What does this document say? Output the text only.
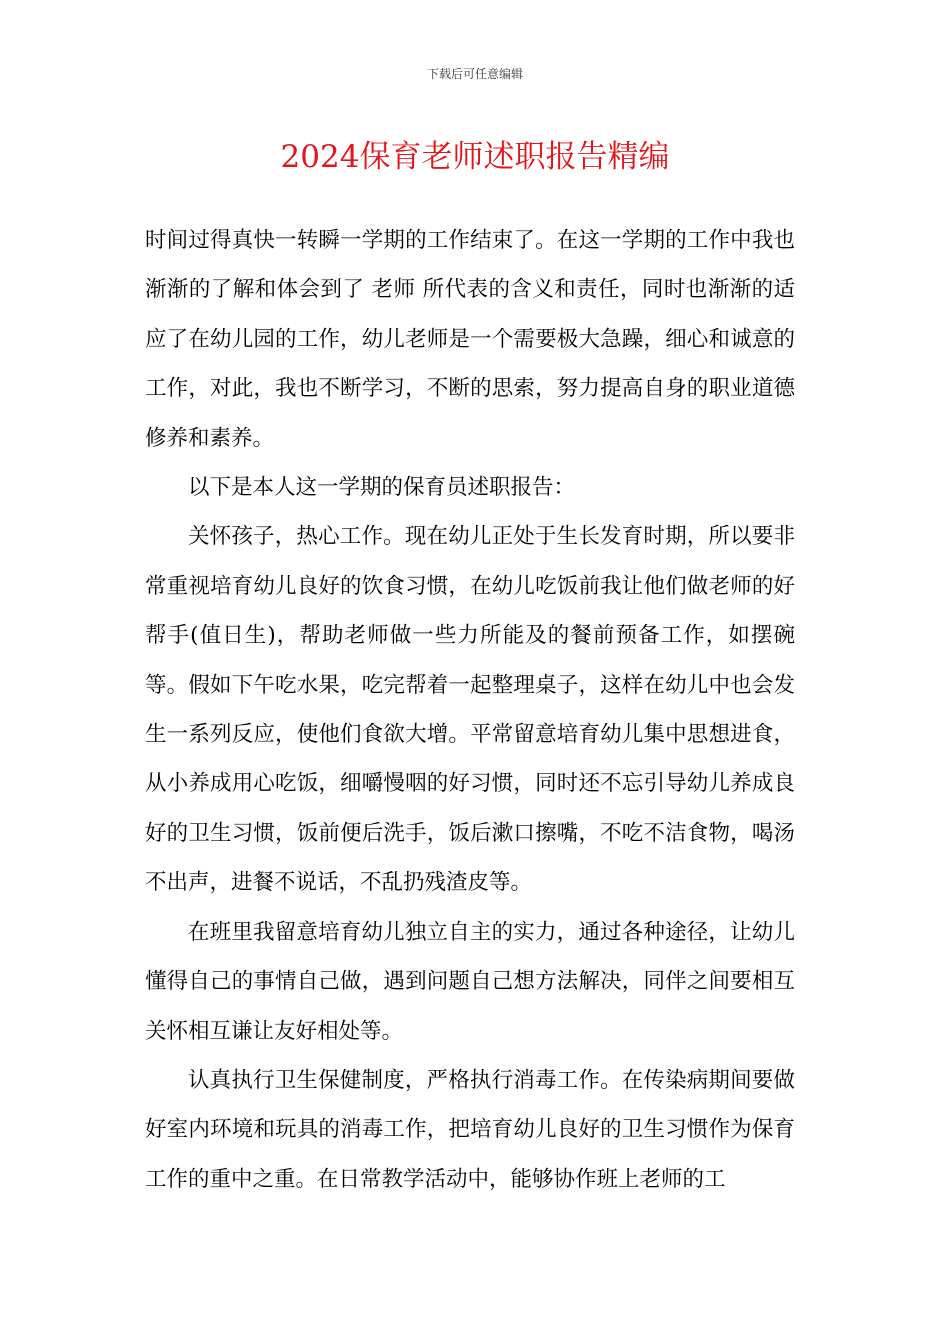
下载后可任意编辑
2024保育老师述职报告精编

时间过得真快一转瞬一学期的工作结束了。在这一学期的工作中我也渐渐的了解和体会到了 老师 所代表的含义和责任，同时也渐渐的适应了在幼儿园的工作，幼儿老师是一个需要极大急躁，细心和诚意的工作，对此，我也不断学习，不断的思索，努力提高自身的职业道德修养和素养。

以下是本人这一学期的保育员述职报告：

关怀孩子，热心工作。现在幼儿正处于生长发育时期，所以要非常重视培育幼儿良好的饮食习惯，在幼儿吃饭前我让他们做老师的好帮手(值日生)，帮助老师做一些力所能及的餐前预备工作，如摆碗等。假如下午吃水果，吃完帮着一起整理桌子，这样在幼儿中也会发生一系列反应，使他们食欲大增。平常留意培育幼儿集中思想进食，从小养成用心吃饭，细嚼慢咽的好习惯，同时还不忘引导幼儿养成良好的卫生习惯，饭前便后洗手，饭后漱口擦嘴，不吃不洁食物，喝汤不出声，进餐不说话，不乱扔残渣皮等。

在班里我留意培育幼儿独立自主的实力，通过各种途径，让幼儿懂得自己的事情自己做，遇到问题自己想方法解决，同伴之间要相互关怀相互谦让友好相处等。

认真执行卫生保健制度，严格执行消毒工作。在传染病期间要做好室内环境和玩具的消毒工作，把培育幼儿良好的卫生习惯作为保育工作的重中之重。在日常教学活动中，能够协作班上老师的工
